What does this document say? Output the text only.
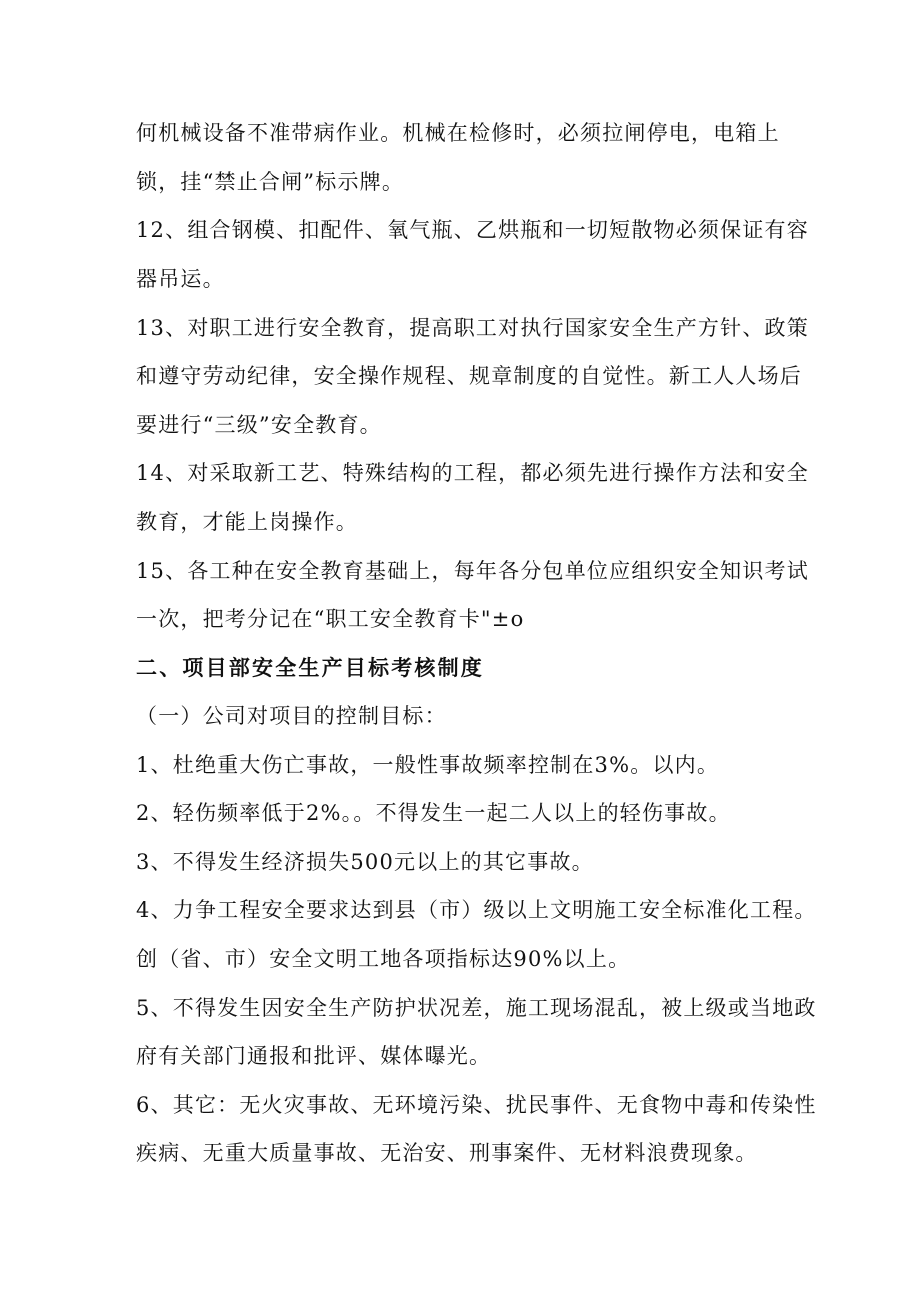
何机械设备不准带病作业。机械在检修时，必须拉闸停电，电箱上
锁，挂“禁止合闸”标示牌。
12、组合钢模、扣配件、氧气瓶、乙烘瓶和一切短散物必须保证有容
器吊运。
13、对职工进行安全教育，提高职工对执行国家安全生产方针、政策
和遵守劳动纪律，安全操作规程、规章制度的自觉性。新工人人场后
要进行“三级”安全教育。
14、对采取新工艺、特殊结构的工程，都必须先进行操作方法和安全
教育，才能上岗操作。
15、各工种在安全教育基础上，每年各分包单位应组织安全知识考试
一次，把考分记在“职工安全教育卡"±o
二、项目部安全生产目标考核制度
（一）公司对项目的控制目标：
1、杜绝重大伤亡事故，一般性事故频率控制在3%。以内。
2、轻伤频率低于2%。。不得发生一起二人以上的轻伤事故。
3、不得发生经济损失500元以上的其它事故。
4、力争工程安全要求达到县（市）级以上文明施工安全标准化工程。
创（省、市）安全文明工地各项指标达90%以上。
5、不得发生因安全生产防护状况差，施工现场混乱，被上级或当地政
府有关部门通报和批评、媒体曝光。
6、其它：无火灾事故、无环境污染、扰民事件、无食物中毒和传染性
疾病、无重大质量事故、无治安、刑事案件、无材料浪费现象。
